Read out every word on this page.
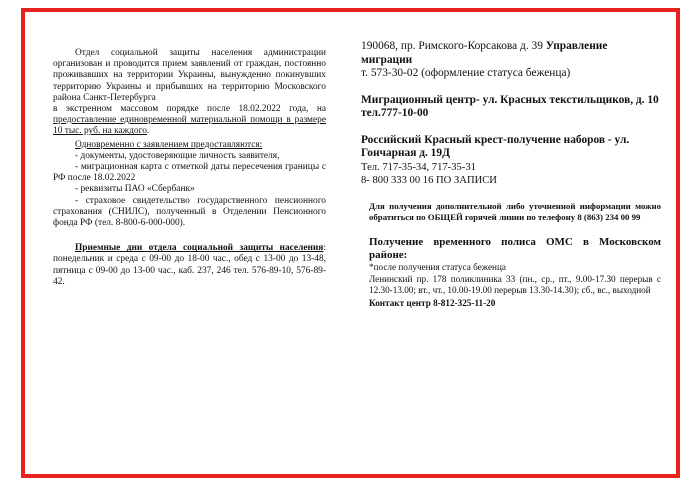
Отдел социальной защиты населения администрации организован и проводится прием заявлений от граждан, постоянно проживавших на территории Украины, вынужденно покинувших территорию Украины и прибывших на территорию Московского района Санкт-Петербурга

в экстренном массовом порядке после 18.02.2022 года, на предоставление единовременной материальной помощи в размере 10 тыс. руб. на каждого.

Одновременно с заявлением предоставляются:

- документы, удостоверяющие личность заявителя,

- миграционная карта с отметкой даты пересечения границы с РФ после 18.02.2022

- реквизиты ПАО «Сбербанк»

- страховое свидетельство государственного пенсионного страхования (СНИЛС), полученный в Отделении Пенсионного фонда РФ (тел. 8-800-6-000-000).

Приемные дни отдела социальной защиты населения: понедельник и среда с 09-00 до 18-00 час., обед с 13-00 до 13-48, пятница с 09-00 до 13-00 час., каб. 237, 246 тел. 576-89-10, 576-89-42.

190068, пр. Римского-Корсакова д. 39 Управление миграции
т. 573-30-02 (оформление статуса беженца)
Миграционный центр- ул. Красных текстильщиков, д. 10 тел.777-10-00
Российский Красный крест-получение наборов - ул. Гончарная д. 19Д
Тел. 717-35-34, 717-35-31
8- 800 333 00 16 ПО ЗАПИСИ
Для получения дополнительной либо уточненной информации можно обратиться по ОБЩЕЙ горячей линии по телефону 8 (863) 234 00 99
Получение временного полиса ОМС в Московском районе:
*после получения статуса беженца
Ленинский пр. 178 поликлиника 33 (пн., ср., пт., 9.00-17.30 перерыв с 12.30-13.00; вт., чт., 10.00-19.00 перерыв 13.30-14.30); сб., вс., выходной
Контакт центр 8-812-325-11-20
